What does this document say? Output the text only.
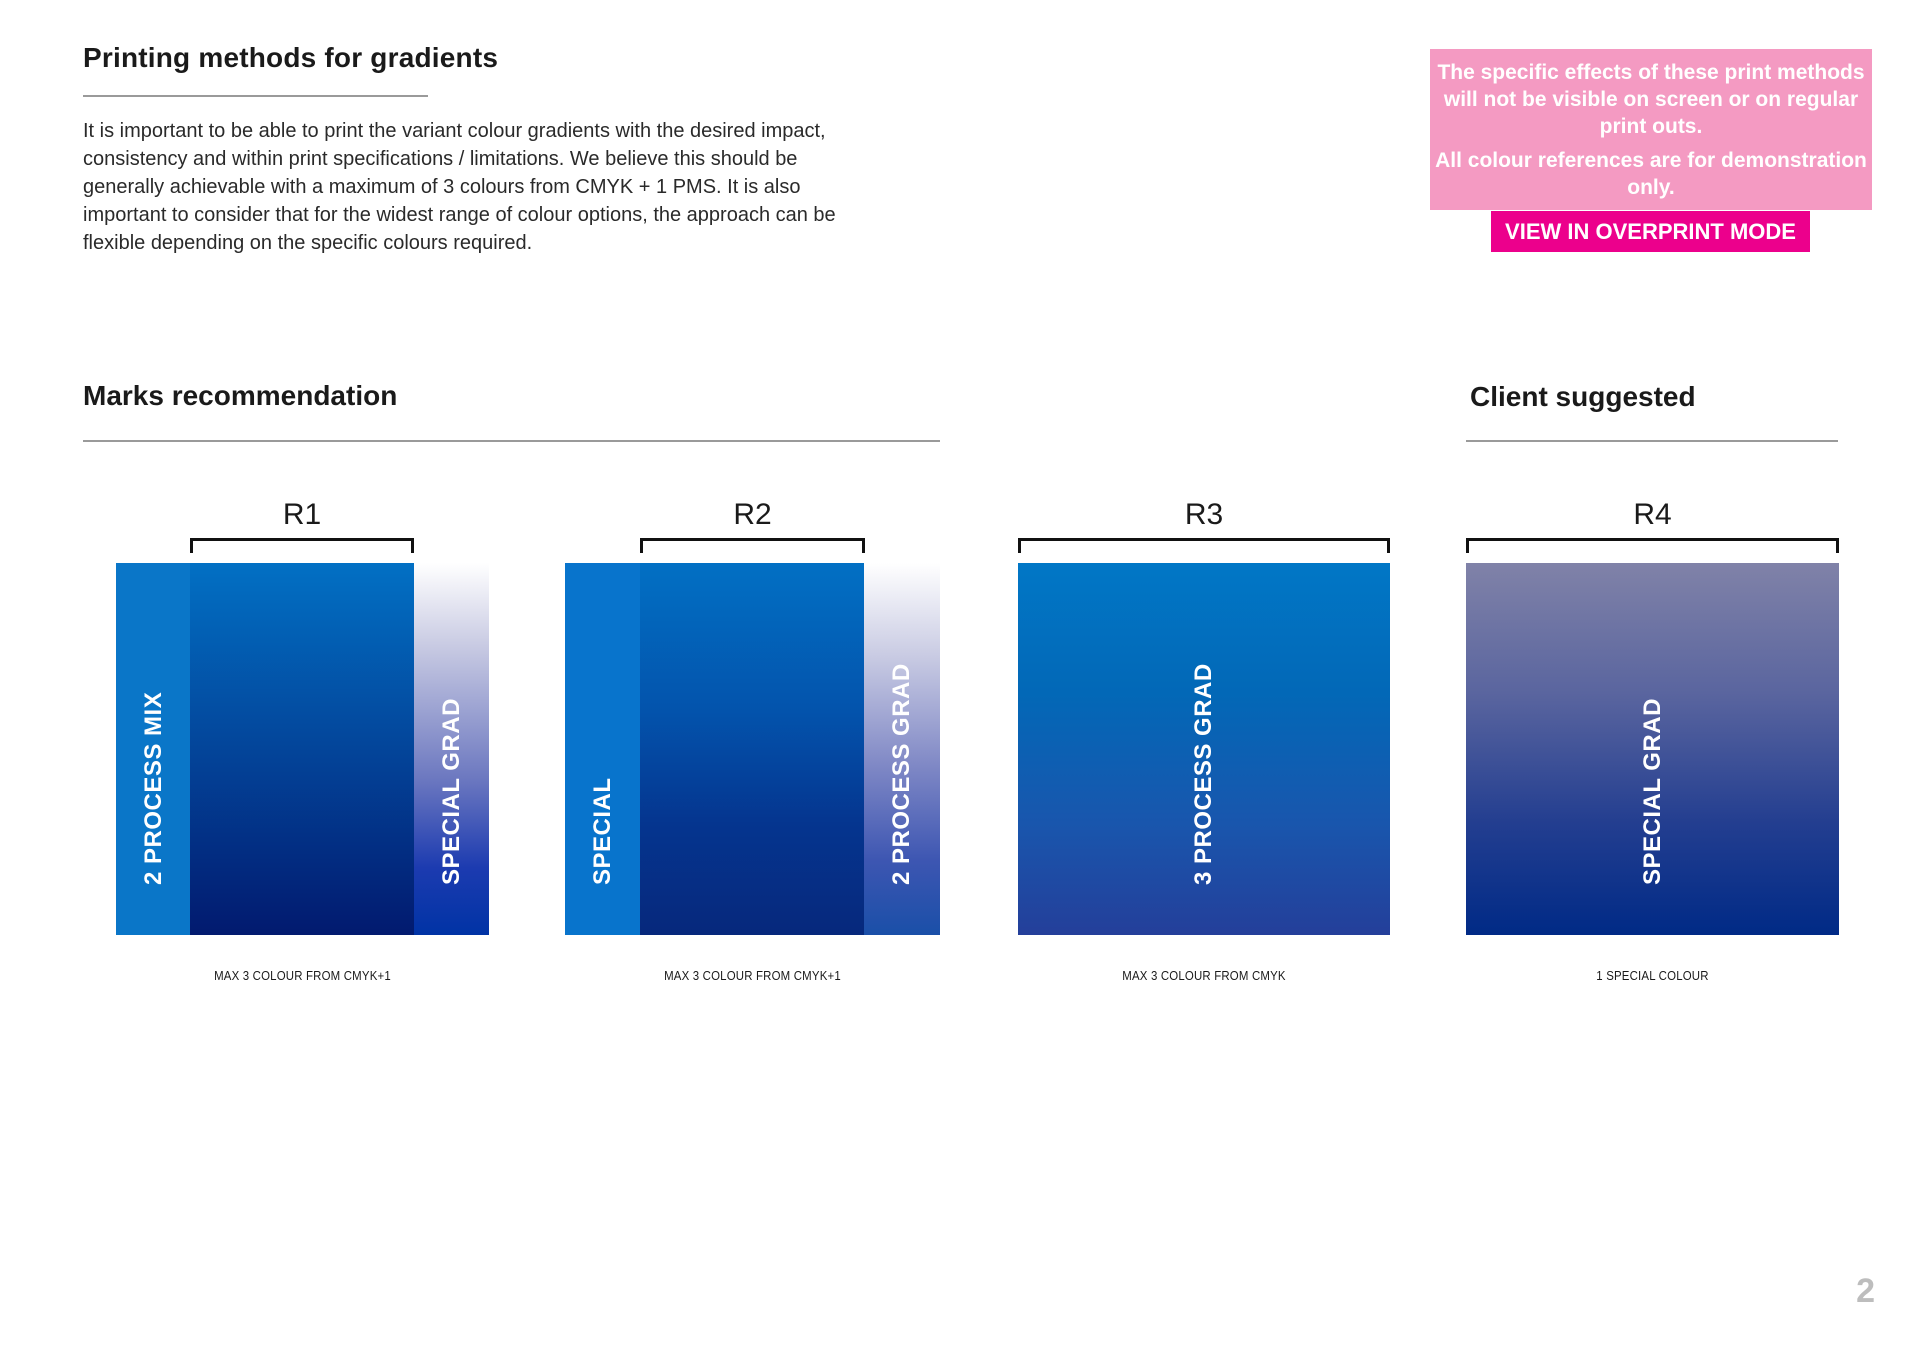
Printing methods for gradients

It is important to be able to print the variant colour gradients with the desired impact, consistency and within print specifications / limitations. We believe this should be generally achievable with a maximum of 3 colours from CMYK + 1 PMS. It is also important to consider that for the widest range of colour options, the approach can be flexible depending on the specific colours required.

The specific effects of these print methods will not be visible on screen or on regular print outs.

All colour references are for demonstration only.

VIEW IN OVERPRINT MODE
Marks recommendation	Client suggested
R1
2 PROCESS MIX	SPECIAL GRAD
MAX 3 COLOUR FROM CMYK+1
R2
SPECIAL	2 PROCESS GRAD
MAX 3 COLOUR FROM CMYK+1
R3
3 PROCESS GRAD
MAX 3 COLOUR FROM CMYK
R4
SPECIAL GRAD
1 SPECIAL COLOUR
2
